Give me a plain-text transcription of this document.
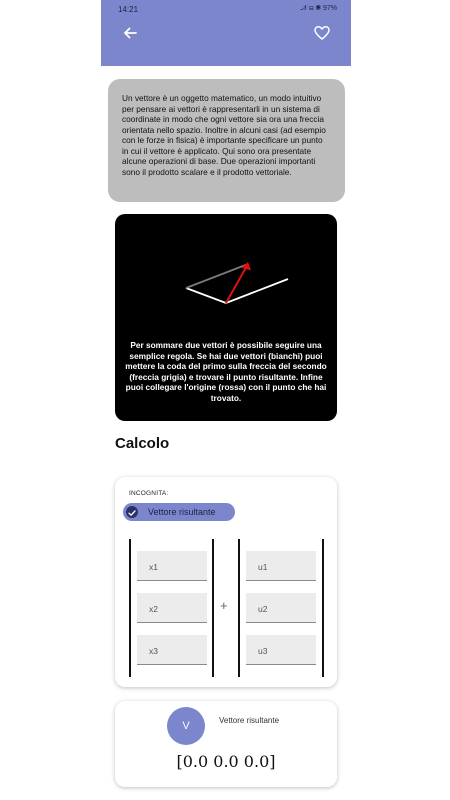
14:21	𝒩 ⊟ ◉ 97%
Un vettore è un oggetto matematico, un modo intuitivo per pensare ai vettori è rappresentarli in un sistema di coordinate in modo che ogni vettore sia ora una freccia orientata nello spazio. Inoltre in alcuni casi (ad esempio con le forze in fisica) è importante specificare un punto in cui il vettore è applicato. Qui sono ora presentate alcune operazioni di base. Due operazioni importanti sono il prodotto scalare e il prodotto vettoriale.
Per sommare due vettori è possibile seguire una semplice regola. Se hai due vettori (bianchi) puoi mettere la coda del primo sulla freccia del secondo (freccia grigia) e trovare il punto risultante. Infine puoi collegare l'origine (rossa) con il punto che hai trovato.
Calcolo
INCOGNITA:
Vettore risultante
x1
x2
x3
+
u1
u2
u3
V	Vettore risultante
[0.0 0.0 0.0]
